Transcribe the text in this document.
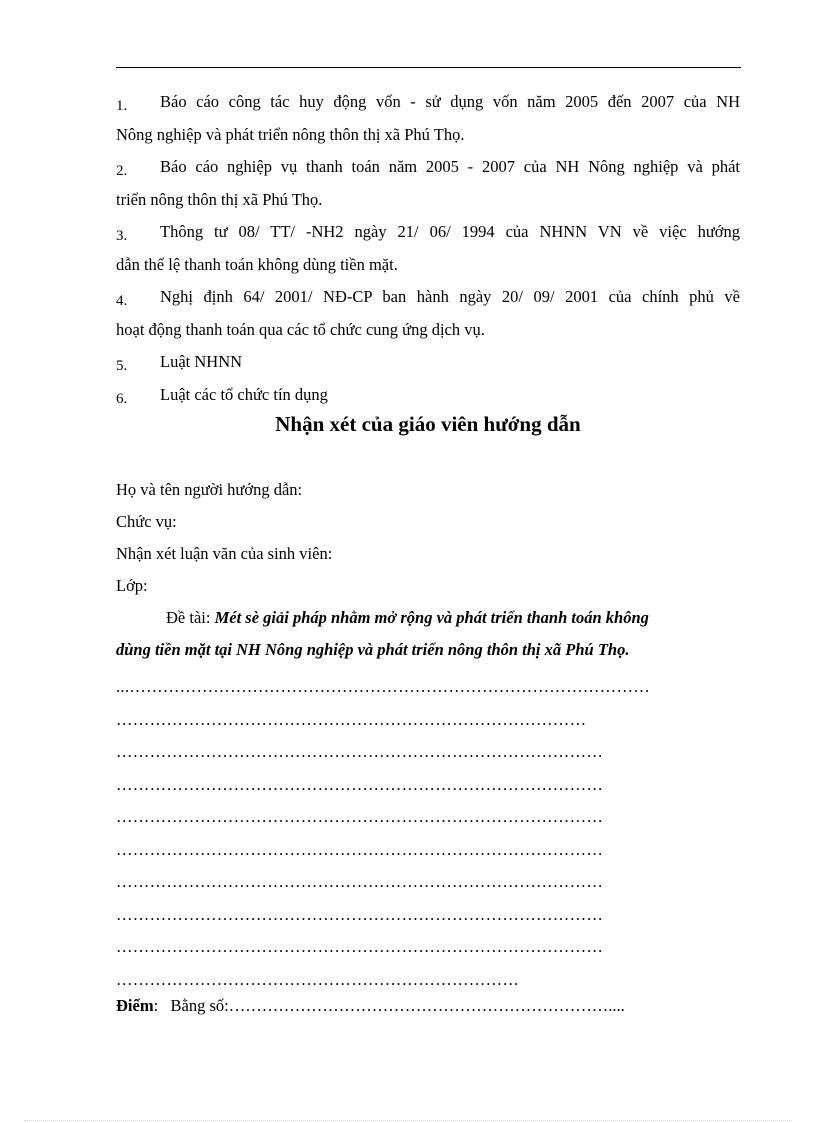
1. Báo cáo công tác huy động vốn - sử dụng vốn năm 2005 đến 2007 của NH
Nông nghiệp và phát triển nông thôn thị xã Phú Thọ.

2. Báo cáo nghiệp vụ thanh toán năm 2005 - 2007 của NH Nông nghiệp và phát
triển nông thôn thị xã Phú Thọ.

3. Thông tư 08/ TT/ -NH2 ngày 21/ 06/ 1994 của NHNN VN về việc hướng
dẫn thể lệ thanh toán không dùng tiền mặt.

4. Nghị định 64/ 2001/ NĐ-CP ban hành ngày 20/ 09/ 2001 của chính phủ về
hoạt động thanh toán qua các tổ chức cung ứng dịch vụ.

5. Luật NHNN

6. Luật các tổ chức tín dụng

Nhận xét của giáo viên hướng dẫn
Họ và tên người hướng dẫn:
Chức vụ:
Nhận xét luận văn của sinh viên:
Lớp:
Đề tài: Mét sè giải pháp nhằm mở rộng và phát triển thanh toán không
dùng tiền mặt tại NH Nông nghiệp và phát triển nông thôn thị xã Phú Thọ.
...…………………………………………………………………………………
…………………………………………………………………………
……………………………………………………………………………
……………………………………………………………………………
……………………………………………………………………………
……………………………………………………………………………
……………………………………………………………………………
……………………………………………………………………………
……………………………………………………………………………
………………………………………………………………
Điểm: Bằng số:……………………………………………………………....
